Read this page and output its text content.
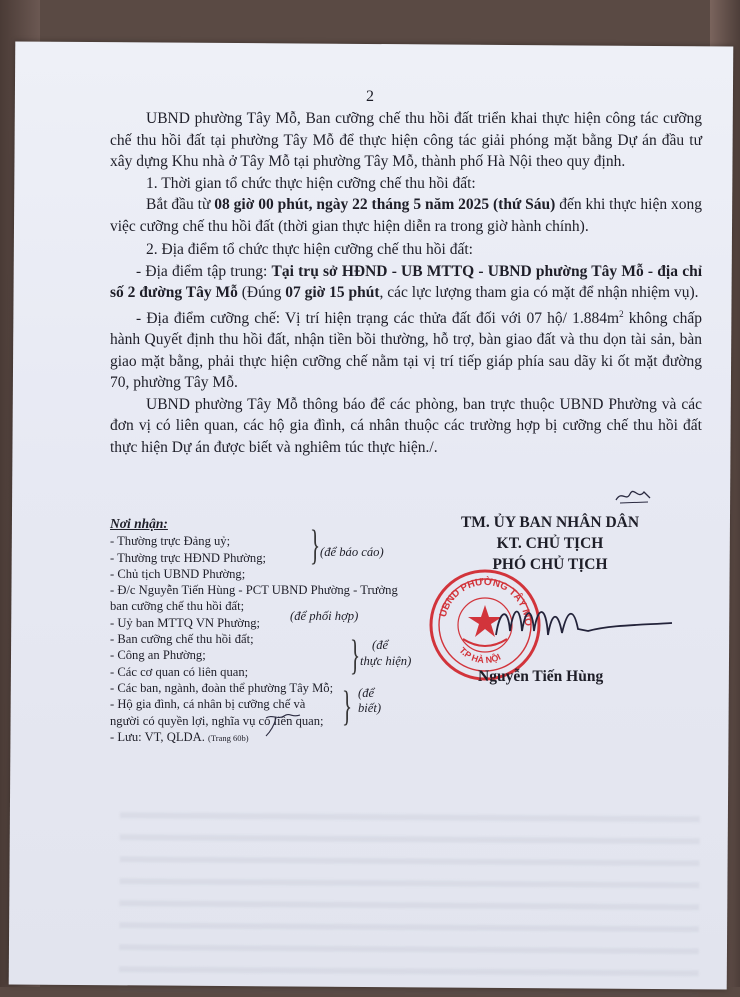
2

UBND phường Tây Mỗ, Ban cưỡng chế thu hồi đất triển khai thực hiện công tác cưỡng chế thu hồi đất tại phường Tây Mỗ để thực hiện công tác giải phóng mặt bằng Dự án đầu tư xây dựng Khu nhà ở Tây Mỗ tại phường Tây Mỗ, thành phố Hà Nội theo quy định.

1. Thời gian tổ chức thực hiện cưỡng chế thu hồi đất:

Bắt đầu từ 08 giờ 00 phút, ngày 22 tháng 5 năm 2025 (thứ Sáu) đến khi thực hiện xong việc cưỡng chế thu hồi đất (thời gian thực hiện diễn ra trong giờ hành chính).

2. Địa điểm tổ chức thực hiện cưỡng chế thu hồi đất:

- Địa điểm tập trung: Tại trụ sở HĐND - UB MTTQ - UBND phường Tây Mỗ - địa chỉ số 2 đường Tây Mỗ (Đúng 07 giờ 15 phút, các lực lượng tham gia có mặt để nhận nhiệm vụ).

- Địa điểm cưỡng chế: Vị trí hiện trạng các thửa đất đối với 07 hộ/ $1.884m^2$ không chấp hành Quyết định thu hồi đất, nhận tiền bồi thường, hỗ trợ, bàn giao đất và thu dọn tài sản, bàn giao mặt bằng, phải thực hiện cưỡng chế nằm tại vị trí tiếp giáp phía sau dãy ki ốt mặt đường 70, phường Tây Mỗ.

UBND phường Tây Mỗ thông báo để các phòng, ban trực thuộc UBND Phường và các đơn vị có liên quan, các hộ gia đình, cá nhân thuộc các trường hợp bị cưỡng chế thu hồi đất thực hiện Dự án được biết và nghiêm túc thực hiện./.

Nơi nhận:
- Thường trực Đảng uỷ;
- Thường trực HĐND Phường;
- Chủ tịch UBND Phường;
- Đ/c Nguyễn Tiến Hùng - PCT UBND Phường - Trưởng
ban cưỡng chế thu hồi đất;
- Uỷ ban MTTQ VN Phường;
- Ban cưỡng chế thu hồi đất;
- Công an Phường;
- Các cơ quan có liên quan;
- Các ban, ngành, đoàn thể phường Tây Mỗ;
- Hộ gia đình, cá nhân bị cưỡng chế và
người có quyền lợi, nghĩa vụ có liên quan;
- Lưu: VT, QLDA. (Trang 60b)
} (để báo cáo)
(để phối hợp)
} (để
thực hiện)
} (để
biết)
TM. ỦY BAN NHÂN DÂN
KT. CHỦ TỊCH
PHÓ CHỦ TỊCH
UBND PHƯỜNG TÂY MỖ
T.P HÀ NỘI
Nguyễn Tiến Hùng
